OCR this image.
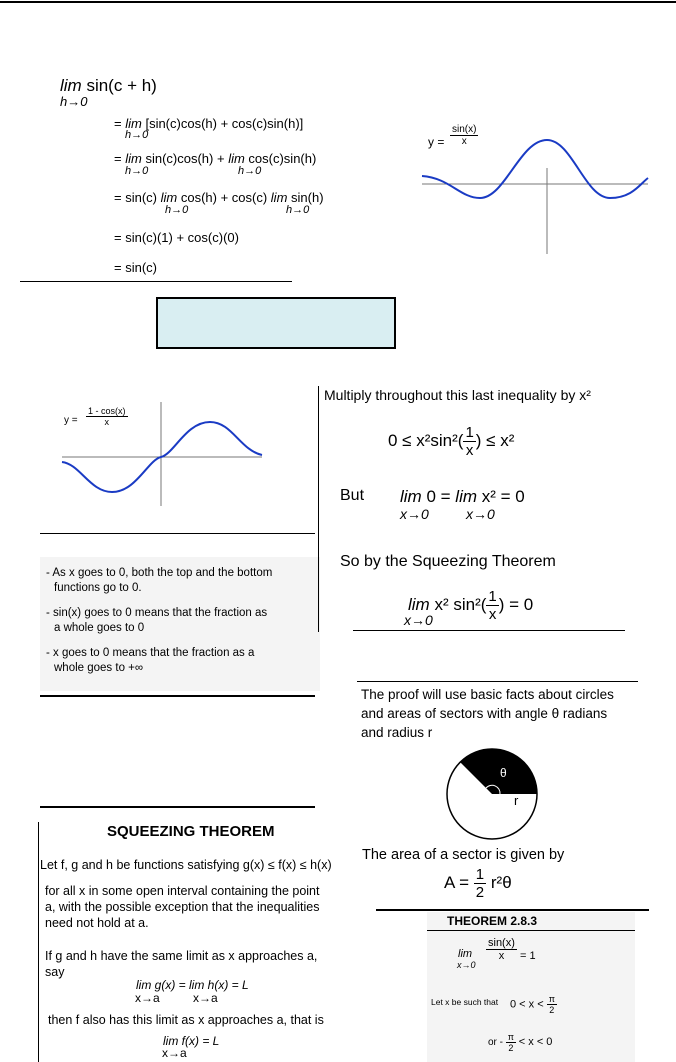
lim sin(c + h)
h→0
= lim [sin(c)cos(h) + cos(c)sin(h)]
h→0
= lim sin(c)cos(h) + lim cos(c)sin(h)
h→0	h→0
= sin(c) lim cos(h) + cos(c) lim sin(h)
h→0	h→0
= sin(c)(1) + cos(c)(0)
= sin(c)
$y = \frac{\sin(x)}{x}$
$y = \frac{1 - \cos(x)}{x}$
- As x goes to 0, both the top and the bottom
functions go to 0.
- sin(x) goes to 0 means that the fraction as
a whole goes to 0
- x goes to 0 means that the fraction as a
whole goes to +∞
Multiply throughout this last inequality by x²
$0 \le x^2\sin^2( \frac{1}{x}$ ) ≤ x²
But lim 0 = lim x² = 0
x→0	x→0
So by the Squeezing Theorem
lim x² $\sin^2( \frac{1}{x}$ ) = 0
x→0
The proof will use basic facts about circles
and areas of sectors with angle θ radians
and radius r
θ
r
The area of a sector is given by
$A = \frac{1}{2} r^2\theta$
SQUEEZING THEOREM
Let f, g and h be functions satisfying g(x) ≤ f(x) ≤ h(x)
for all x in some open interval containing the point
a, with the possible exception that the inequalities
need not hold at a.
If g and h have the same limit as x approaches a,
say
lim g(x) = lim h(x) = L
x→a	x→a
then f also has this limit as x approaches a, that is
lim f(x) = L
x→a
THEOREM 2.8.3
lim
x→0
$\frac{\sin(x)}{x} = 1$
Let x be such that $0 < x < \frac{\pi}{2}$
or - $\frac{\pi}{2} < x < 0$
